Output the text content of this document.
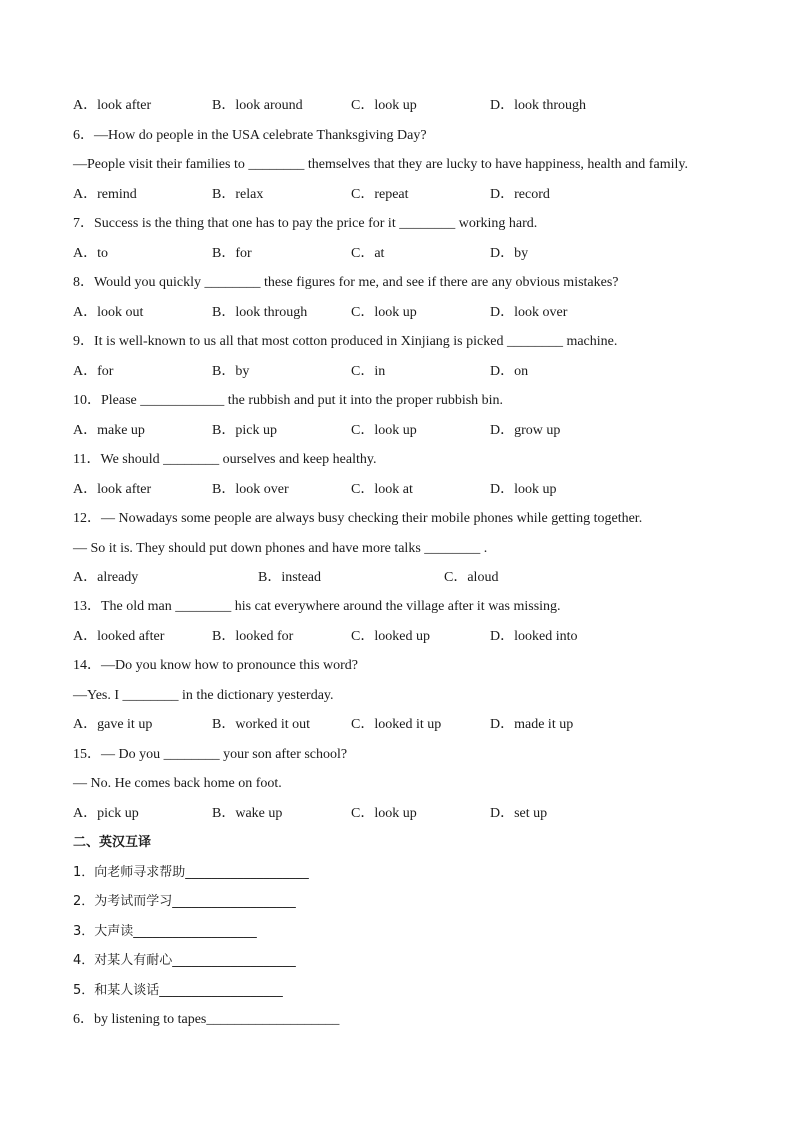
A．look after	B．look around	C．look up	D．look through
6．—How do people in the USA celebrate Thanksgiving Day?
—People visit their families to ________ themselves that they are lucky to have happiness, health and family.
A．remind	B．relax	C．repeat	D．record
7．Success is the thing that one has to pay the price for it ________ working hard.
A．to	B．for	C．at	D．by
8．Would you quickly ________ these figures for me, and see if there are any obvious mistakes?
A．look out	B．look through	C．look up	D．look over
9．It is well-known to us all that most cotton produced in Xinjiang is picked ________ machine.
A．for	B．by	C．in	D．on
10．Please ____________ the rubbish and put it into the proper rubbish bin.
A．make up	B．pick up	C．look up	D．grow up
11．We should ________ ourselves and keep healthy.
A．look after	B．look over	C．look at	D．look up
12．— Nowadays some people are always busy checking their mobile phones while getting together.
— So it is. They should put down phones and have more talks ________ .
A．already	B．instead	C．aloud
13．The old man ________ his cat everywhere around the village after it was missing.
A．looked after	B．looked for	C．looked up	D．looked into
14．—Do you know how to pronounce this word?
—Yes. I ________ in the dictionary yesterday.
A．gave it up	B．worked it out	C．looked it up	D．made it up
15．— Do you ________ your son after school?
— No. He comes back home on foot.
A．pick up	B．wake up	C．look up	D．set up
二、英汉互译
1．向老师寻求帮助___________________
2．为考试而学习___________________
3．大声读___________________
4．对某人有耐心___________________
5．和某人谈话___________________
6．by listening to tapes___________________
